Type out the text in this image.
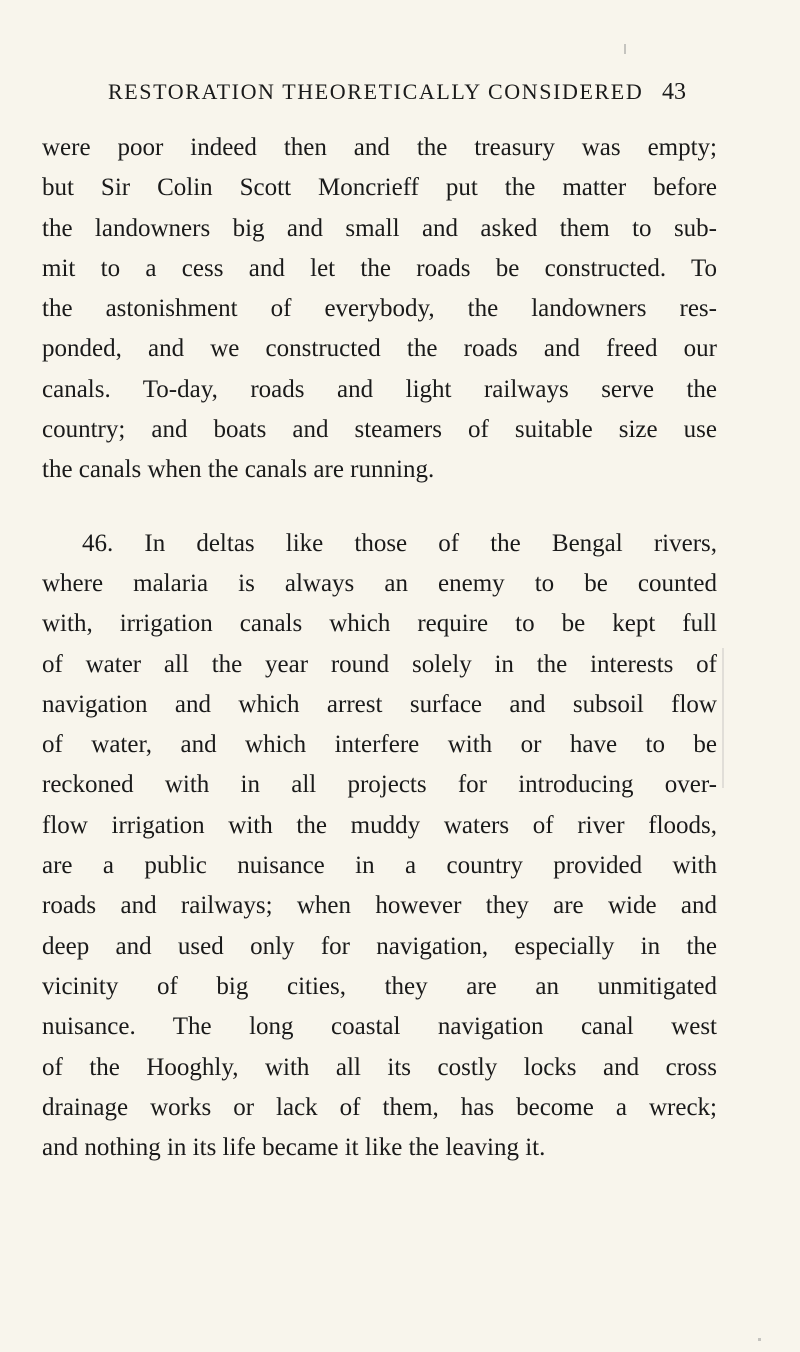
RESTORATION THEORETICALLY CONSIDERED 43

were poor indeed then and the treasury was empty;
but Sir Colin Scott Moncrieff put the matter before
the landowners big and small and asked them to sub-
mit to a cess and let the roads be constructed. To
the astonishment of everybody, the landowners res-
ponded, and we constructed the roads and freed our
canals. To-day, roads and light railways serve the
country; and boats and steamers of suitable size use
the canals when the canals are running.

46. In deltas like those of the Bengal rivers,
where malaria is always an enemy to be counted
with, irrigation canals which require to be kept full
of water all the year round solely in the interests of
navigation and which arrest surface and subsoil flow
of water, and which interfere with or have to be
reckoned with in all projects for introducing over-
flow irrigation with the muddy waters of river floods,
are a public nuisance in a country provided with
roads and railways; when however they are wide and
deep and used only for navigation, especially in the
vicinity of big cities, they are an unmitigated
nuisance. The long coastal navigation canal west
of the Hooghly, with all its costly locks and cross
drainage works or lack of them, has become a wreck;
and nothing in its life became it like the leaving it.
